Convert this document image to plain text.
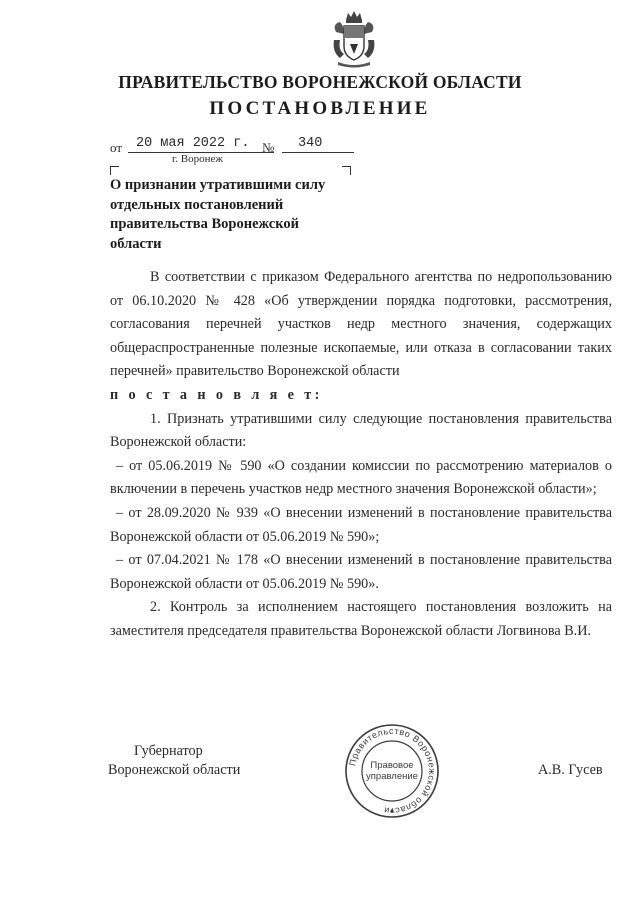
ПРАВИТЕЛЬСТВО ВОРОНЕЖСКОЙ ОБЛАСТИ
ПОСТАНОВЛЕНИЕ
от 20 мая 2022 г. № 340
г. Воронеж
О признании утратившими силу отдельных постановлений правительства Воронежской области

В соответствии с приказом Федерального агентства по недропользованию от 06.10.2020 № 428 «Об утверждении порядка подготовки, рассмотрения, согласования перечней участков недр местного значения, содержащих общераспространенные полезные ископаемые, или отказа в согласовании таких перечней» правительство Воронежской области

п о с т а н о в л я е т:

1. Признать утратившими силу следующие постановления правительства Воронежской области:

– от 05.06.2019 № 590 «О создании комиссии по рассмотрению материалов о включении в перечень участков недр местного значения Воронежской области»;

– от 28.09.2020 № 939 «О внесении изменений в постановление правительства Воронежской области от 05.06.2019 № 590»;

– от 07.04.2021 № 178 «О внесении изменений в постановление правительства Воронежской области от 05.06.2019 № 590».

2. Контроль за исполнением настоящего постановления возложить на заместителя председателя правительства Воронежской области Логвинова В.И.

Губернатор
Воронежской области	Правительство Воронежской облас и
Правовое
управление	А.В. Гусев
